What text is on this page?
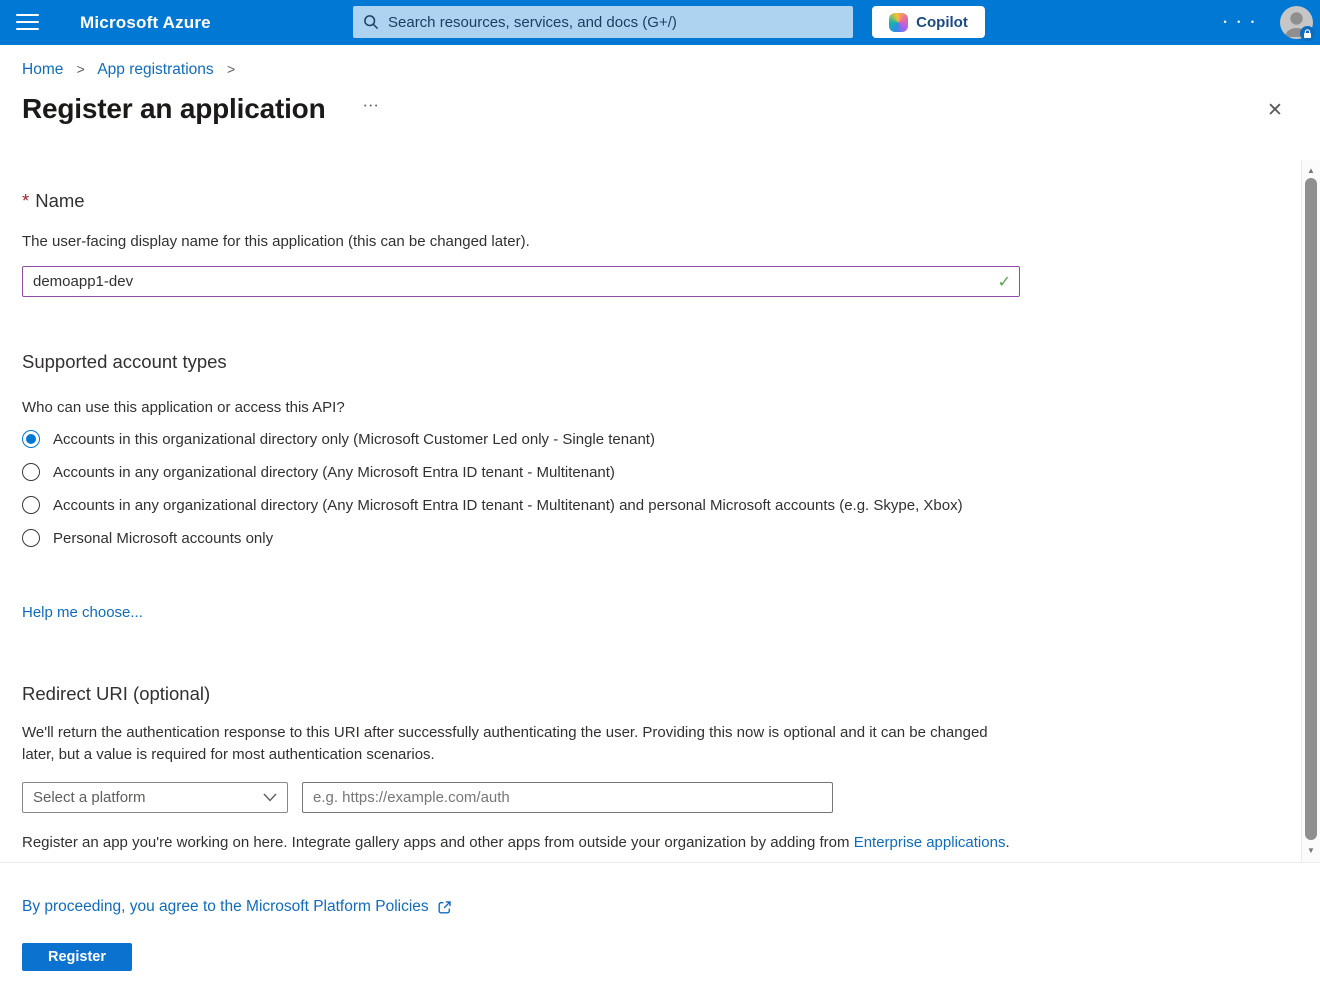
Microsoft Azure
Search resources, services, and docs (G+/)	Copilot	• • •
Home > App registrations >
Register an application	•••	✕
* Name
The user-facing display name for this application (this can be changed later).
demoapp1-dev
✓
Supported account types
Who can use this application or access this API?
Accounts in this organizational directory only (Microsoft Customer Led only - Single tenant)
Accounts in any organizational directory (Any Microsoft Entra ID tenant - Multitenant)
Accounts in any organizational directory (Any Microsoft Entra ID tenant - Multitenant) and personal Microsoft accounts (e.g. Skype, Xbox)
Personal Microsoft accounts only
Help me choose...
Redirect URI (optional)
We'll return the authentication response to this URI after successfully authenticating the user. Providing this now is optional and it can be changed later, but a value is required for most authentication scenarios.
Select a platform
e.g. https://example.com/auth
Register an app you're working on here. Integrate gallery apps and other apps from outside your organization by adding from Enterprise applications.
▲
▼
By proceeding, you agree to the Microsoft Platform Policies
Register
